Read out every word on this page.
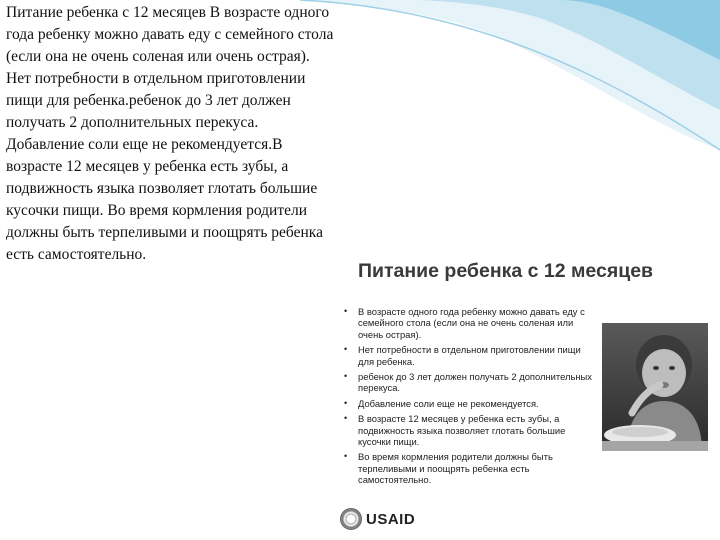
Питание ребенка с 12 месяцев В возрасте одного года ребенку можно давать еду с семейного стола (если она не очень соленая или очень острая). Нет потребности в отдельном приготовлении пищи для ребенка.ребенок до 3 лет должен получать 2 дополнительных перекуса. Добавление соли еще не рекомендуется.В возрасте 12 месяцев у ребенка есть зубы, а подвижность языка позволяет глотать большие кусочки пищи. Во время кормления родители должны быть терпеливыми и поощрять ребенка есть самостоятельно.

Питание ребенка с 12 месяцев
• В возрасте одного года ребенку можно давать еду с семейного стола (если она не очень соленая или очень острая).
• Нет потребности в отдельном приготовлении пищи для ребенка.
• ребенок до 3 лет должен получать 2 дополнительных перекуса.
• Добавление соли еще не рекомендуется.
• В возрасте 12 месяцев у ребенка есть зубы, а подвижность языка позволяет глотать большие кусочки пищи.
• Во время кормления родители должны быть терпеливыми и поощрять ребенка есть самостоятельно.
USAID
